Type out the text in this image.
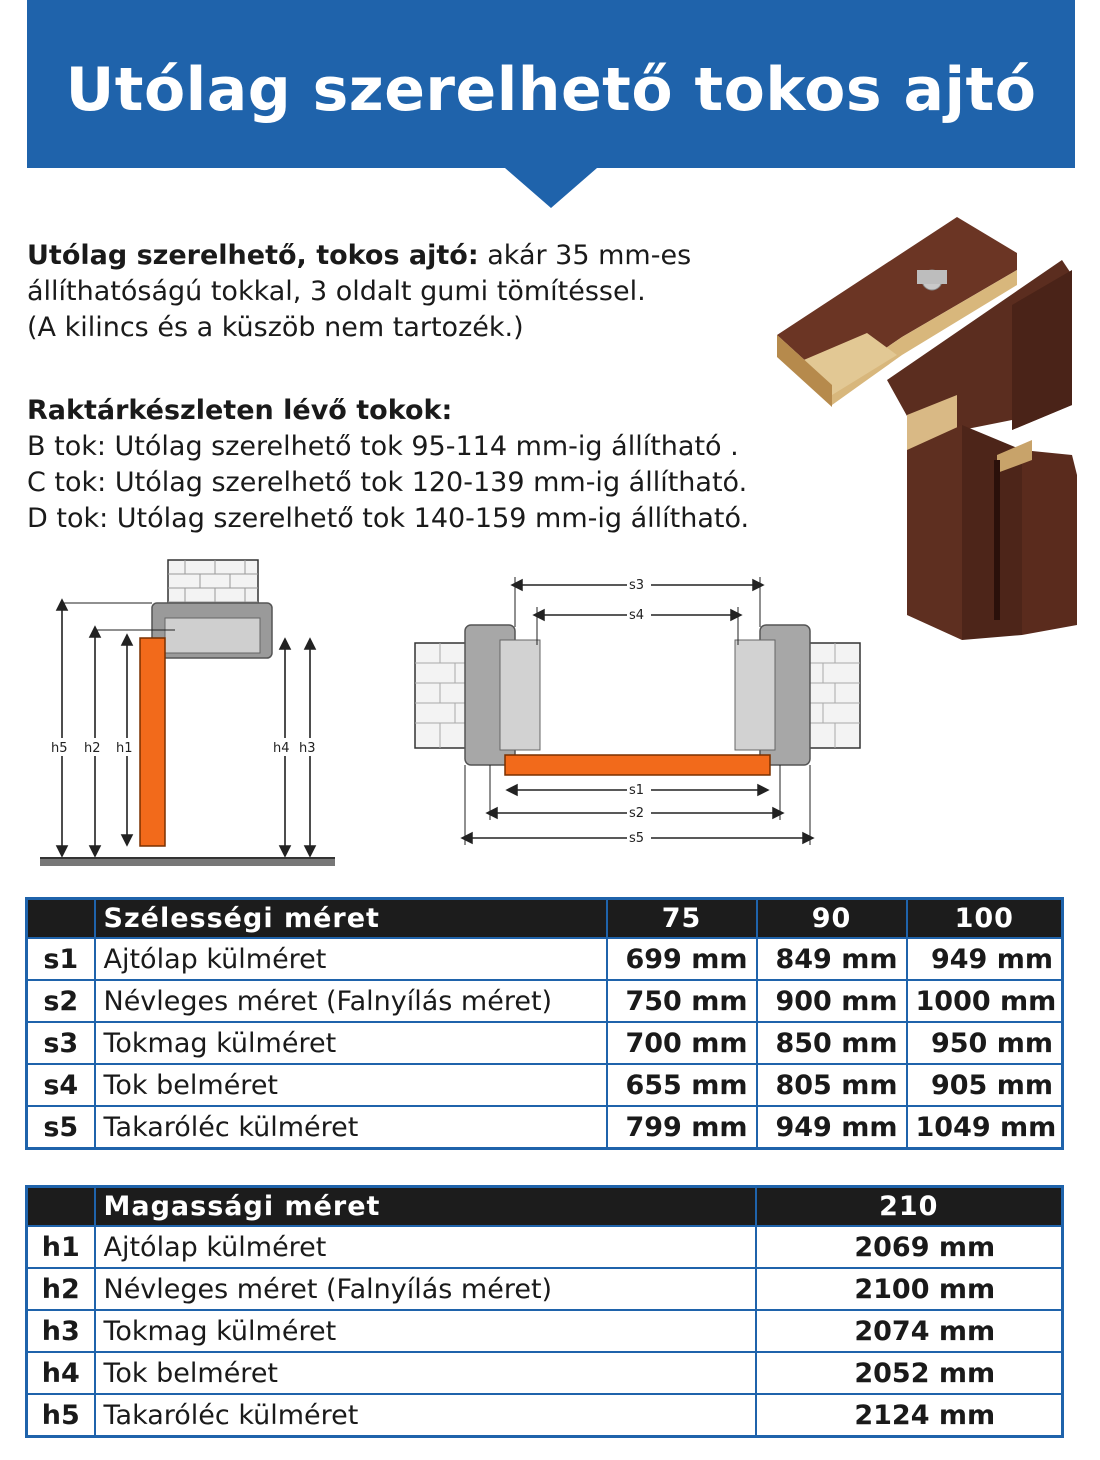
Utólag szerelhető tokos ajtó

Utólag szerelhető, tokos ajtó: akár 35 mm-es

állíthatóságú tokkal, 3 oldalt gumi tömítéssel.

(A kilincs és a küszöb nem tartozék.)

Raktárkészleten lévő tokok:
B tok: Utólag szerelhető tok 95-114 mm-ig állítható .
C tok: Utólag szerelhető tok 120-139 mm-ig állítható.
D tok: Utólag szerelhető tok 140-159 mm-ig állítható.
h5 h2 h1	h4 h3
s3
s4
s1
s2
s5
	Szélességi méret	75	90	100
s1	Ajtólap külméret	699 mm	849 mm	949 mm
s2	Névleges méret (Falnyílás méret)	750 mm	900 mm	1000 mm
s3	Tokmag külméret	700 mm	850 mm	950 mm
s4	Tok belméret	655 mm	805 mm	905 mm
s5	Takaróléc külméret	799 mm	949 mm	1049 mm
	Magassági méret	210
h1	Ajtólap külméret	2069 mm
h2	Névleges méret (Falnyílás méret)	2100 mm
h3	Tokmag külméret	2074 mm
h4	Tok belméret	2052 mm
h5	Takaróléc külméret	2124 mm
